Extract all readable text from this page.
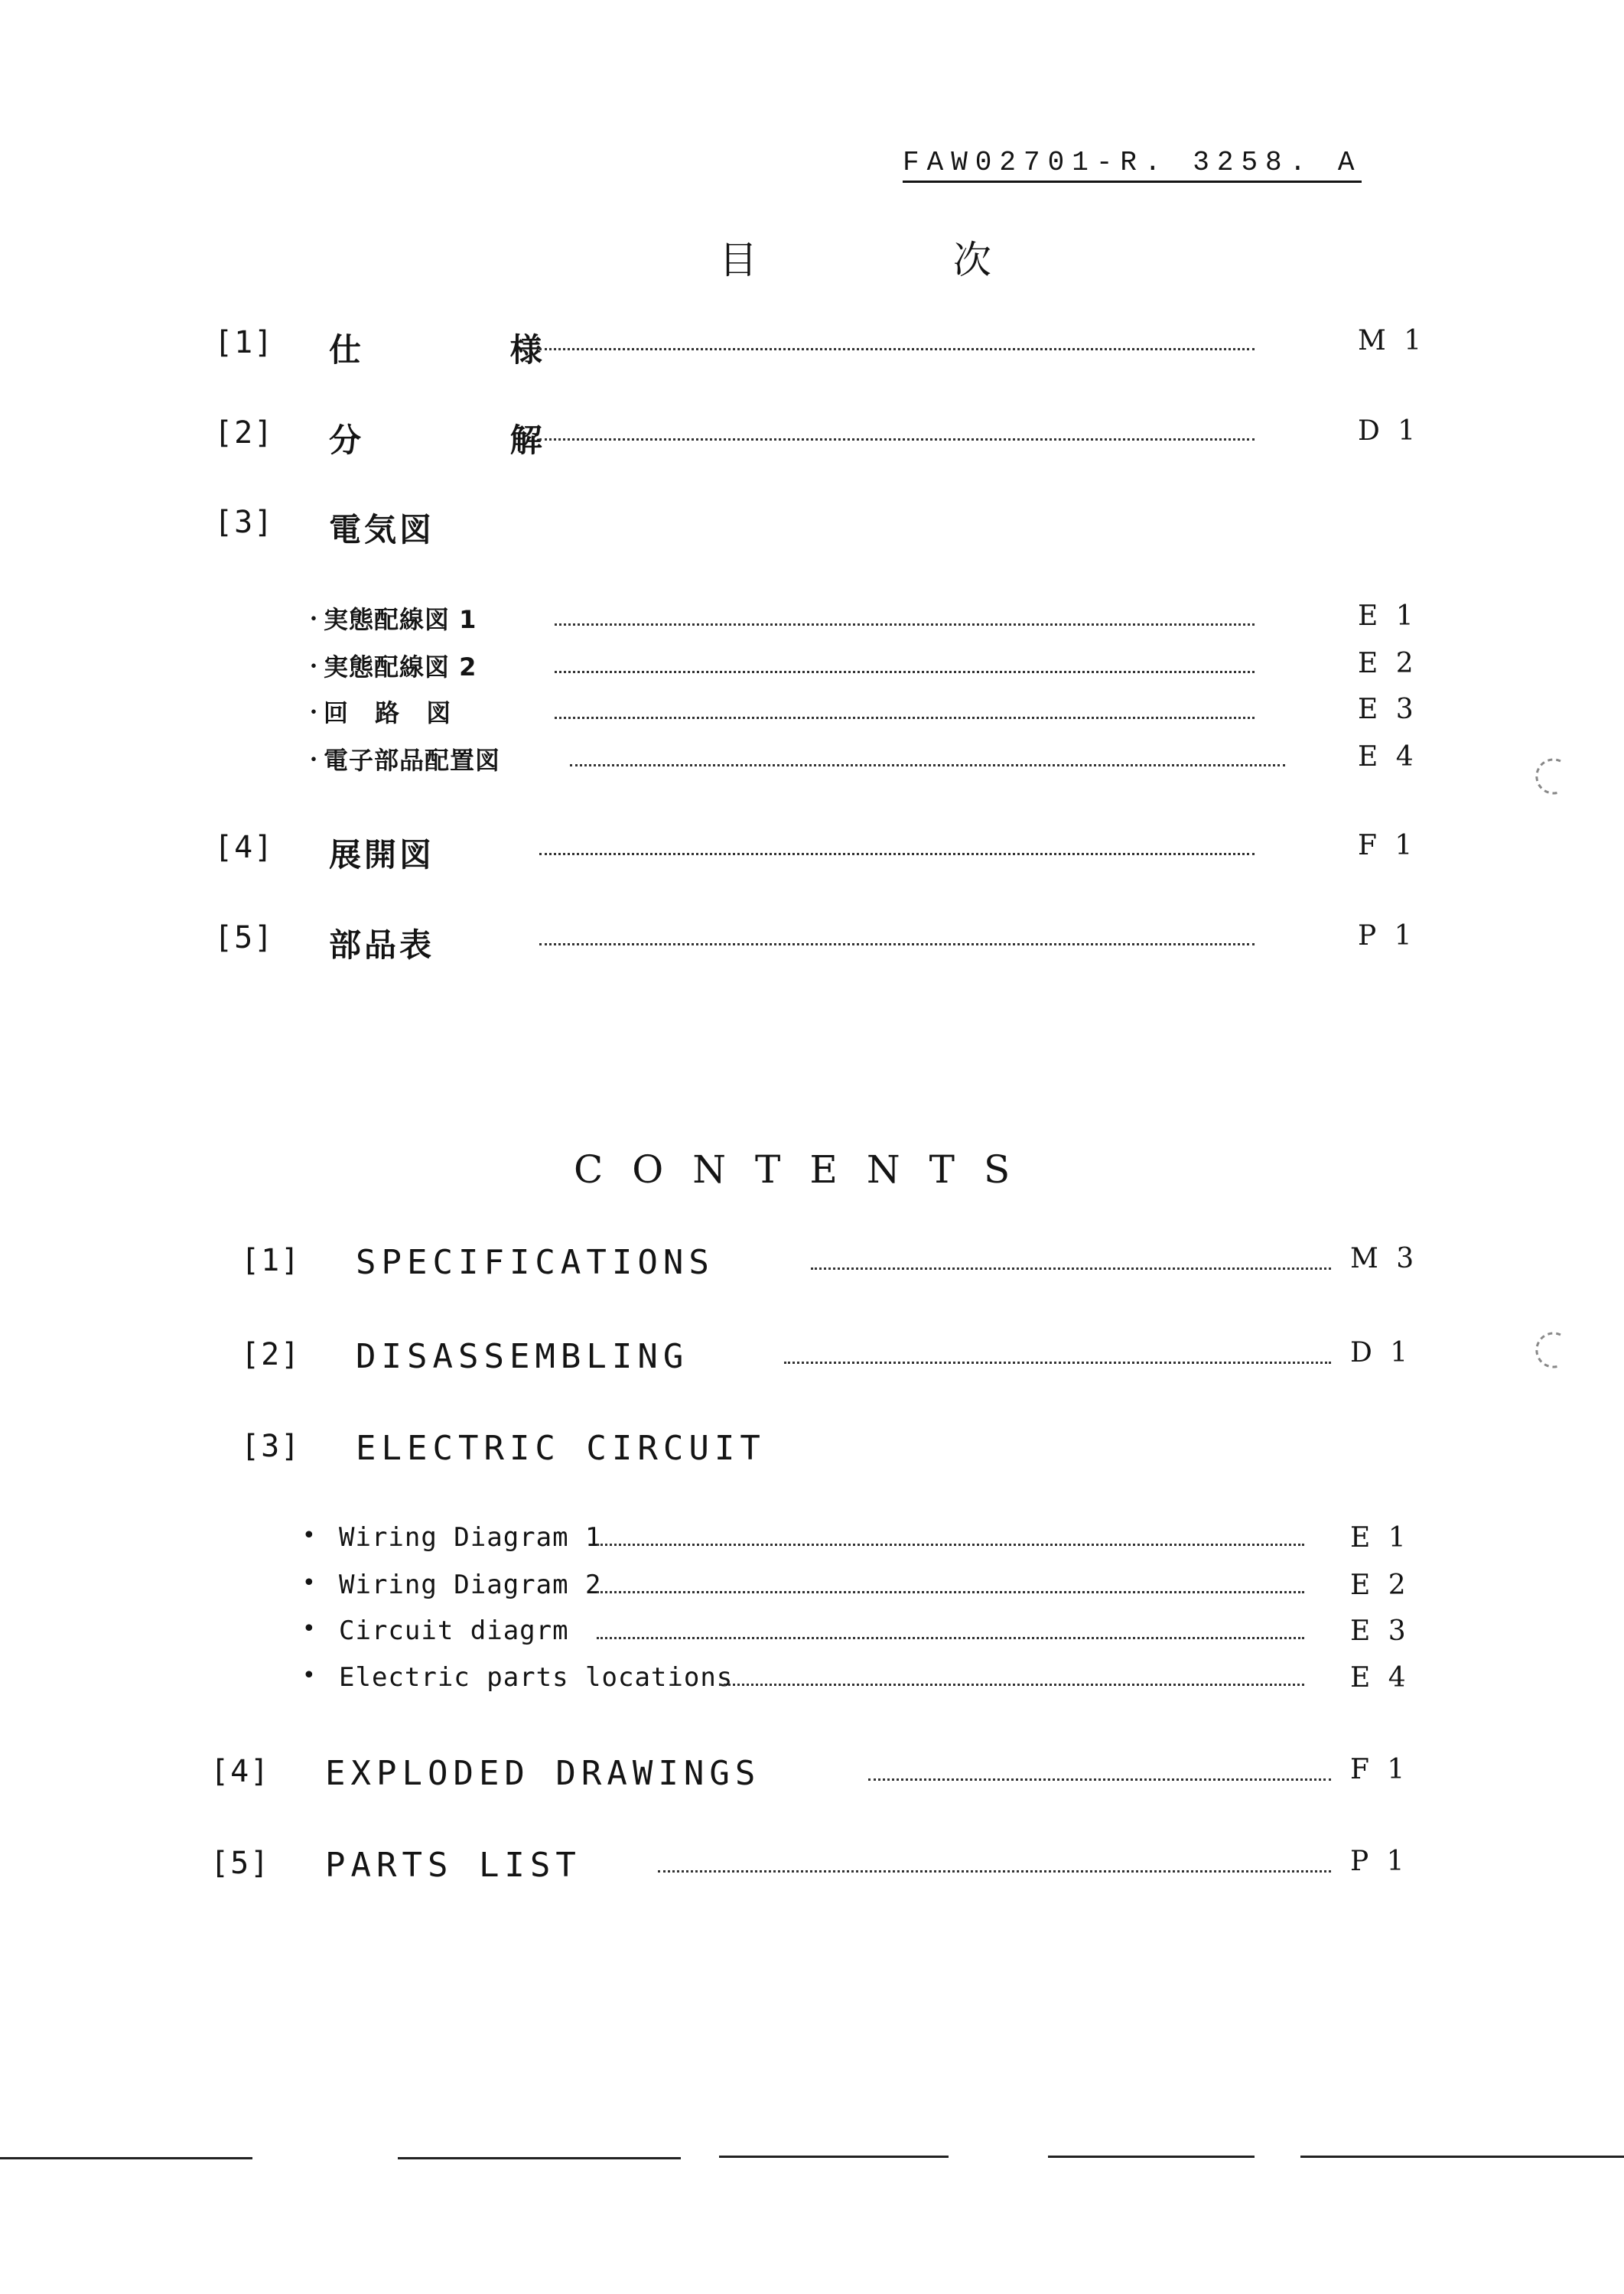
FAW02701-R. 3258. A
目 次
[1] 仕 様	M 1
[2] 分 解	D 1
[3] 電気図
・
実態配線図 1	E 1
・
実態配線図 2	E 2
・
回 路 図	E 3
・
電子部品配置図	E 4
[4] 展開図	F 1
[5] 部品表	P 1
CONTENTS
[1] SPECIFICATIONS	M 3
[2] DISASSEMBLING	D 1
[3] ELECTRIC CIRCUIT
• Wiring Diagram 1	E 1
• Wiring Diagram 2	E 2
• Circuit diagrm	E 3
• Electric parts locations	E 4
[4] EXPLODED DRAWINGS	F 1
[5] PARTS LIST	P 1
